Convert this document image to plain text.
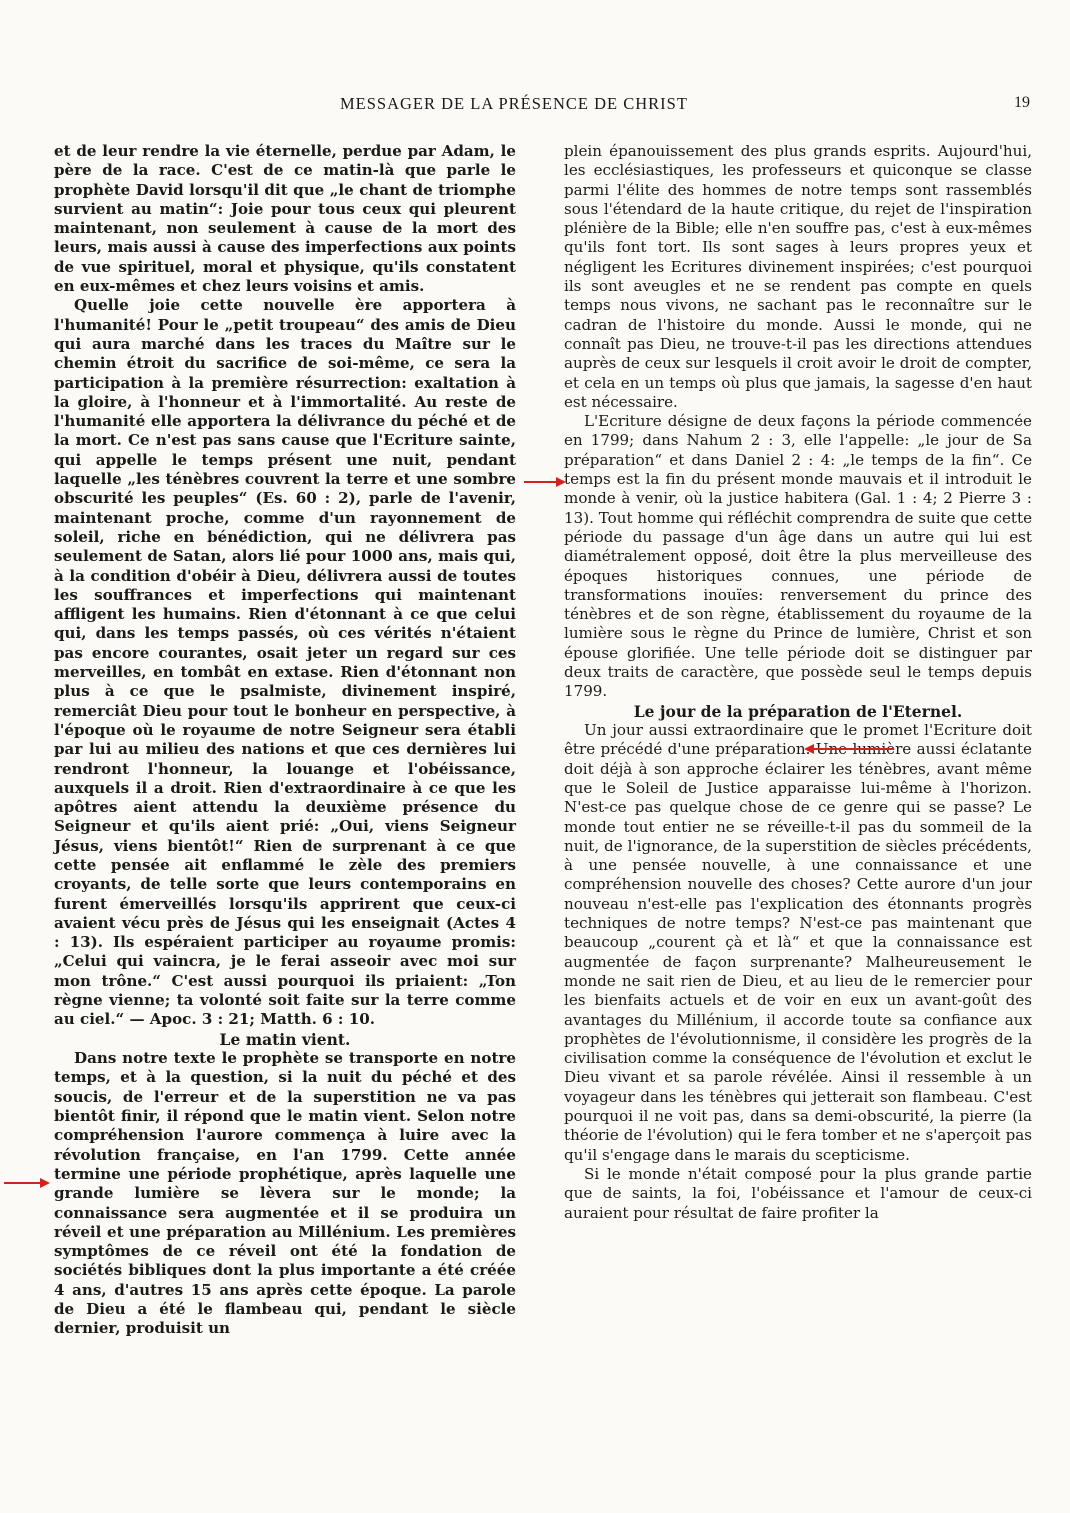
MESSAGER DE LA PRÉSENCE DE CHRIST	19

et de leur rendre la vie éternelle, perdue par Adam, le père de la race. C'est de ce matin-là que parle le prophète David lorsqu'il dit que „le chant de triomphe survient au matin“: Joie pour tous ceux qui pleurent maintenant, non seulement à cause de la mort des leurs, mais aussi à cause des imperfections aux points de vue spirituel, moral et physique, qu'ils constatent en eux-mêmes et chez leurs voisins et amis.

Quelle joie cette nouvelle ère apportera à l'humanité! Pour le „petit troupeau“ des amis de Dieu qui aura marché dans les traces du Maître sur le chemin étroit du sacrifice de soi-même, ce sera la participation à la première résurrection: exaltation à la gloire, à l'honneur et à l'immortalité. Au reste de l'humanité elle apportera la délivrance du péché et de la mort. Ce n'est pas sans cause que l'Ecriture sainte, qui appelle le temps présent une nuit, pendant laquelle „les ténèbres couvrent la terre et une sombre obscurité les peuples“ (Es. 60 : 2), parle de l'avenir, maintenant proche, comme d'un rayonnement de soleil, riche en bénédiction, qui ne délivrera pas seulement de Satan, alors lié pour 1000 ans, mais qui, à la condition d'obéir à Dieu, délivrera aussi de toutes les souffrances et imperfections qui maintenant affligent les humains. Rien d'étonnant à ce que celui qui, dans les temps passés, où ces vérités n'étaient pas encore courantes, osait jeter un regard sur ces merveilles, en tombât en extase. Rien d'étonnant non plus à ce que le psalmiste, divinement inspiré, remerciât Dieu pour tout le bonheur en perspective, à l'époque où le royaume de notre Seigneur sera établi par lui au milieu des nations et que ces dernières lui rendront l'honneur, la louange et l'obéissance, auxquels il a droit. Rien d'extraordinaire à ce que les apôtres aient attendu la deuxième présence du Seigneur et qu'ils aient prié: „Oui, viens Seigneur Jésus, viens bientôt!“ Rien de surprenant à ce que cette pensée ait enflammé le zèle des premiers croyants, de telle sorte que leurs contemporains en furent émerveillés lorsqu'ils apprirent que ceux-ci avaient vécu près de Jésus qui les enseignait (Actes 4 : 13). Ils espéraient participer au royaume promis: „Celui qui vaincra, je le ferai asseoir avec moi sur mon trône.“ C'est aussi pourquoi ils priaient: „Ton règne vienne; ta volonté soit faite sur la terre comme au ciel.“ — Apoc. 3 : 21; Matth. 6 : 10.

Le matin vient.

Dans notre texte le prophète se transporte en notre temps, et à la question, si la nuit du péché et des soucis, de l'erreur et de la superstition ne va pas bientôt finir, il répond que le matin vient. Selon notre compréhension l'aurore commença à luire avec la révolution française, en l'an 1799. Cette année termine une période prophétique, après laquelle une grande lumière se lèvera sur le monde; la connaissance sera augmentée et il se produira un réveil et une préparation au Millénium. Les premières symptômes de ce réveil ont été la fondation de sociétés bibliques dont la plus importante a été créée 4 ans, d'autres 15 ans après cette époque. La parole de Dieu a été le flambeau qui, pendant le siècle dernier, produisit un

plein épanouissement des plus grands esprits. Aujourd'hui, les ecclésiastiques, les professeurs et quiconque se classe parmi l'élite des hommes de notre temps sont rassemblés sous l'étendard de la haute critique, du rejet de l'inspiration plénière de la Bible; elle n'en souffre pas, c'est à eux-mêmes qu'ils font tort. Ils sont sages à leurs propres yeux et négligent les Ecritures divinement inspirées; c'est pourquoi ils sont aveugles et ne se rendent pas compte en quels temps nous vivons, ne sachant pas le reconnaître sur le cadran de l'histoire du monde. Aussi le monde, qui ne connaît pas Dieu, ne trouve-t-il pas les directions attendues auprès de ceux sur lesquels il croit avoir le droit de compter, et cela en un temps où plus que jamais, la sagesse d'en haut est nécessaire.

L'Ecriture désigne de deux façons la période commencée en 1799; dans Nahum 2 : 3, elle l'appelle: „le jour de Sa préparation“ et dans Daniel 2 : 4: „le temps de la fin“. Ce temps est la fin du présent monde mauvais et il introduit le monde à venir, où la justice habitera (Gal. 1 : 4; 2 Pierre 3 : 13). Tout homme qui réfléchit comprendra de suite que cette période du passage d'un âge dans un autre qui lui est diamétralement opposé, doit être la plus merveilleuse des époques historiques connues, une période de transformations inouïes: renversement du prince des ténèbres et de son règne, établissement du royaume de la lumière sous le règne du Prince de lumière, Christ et son épouse glorifiée. Une telle période doit se distinguer par deux traits de caractère, que possède seul le temps depuis 1799.

Le jour de la préparation de l'Eternel.

Un jour aussi extraordinaire que le promet l'Ecriture doit être précédé d'une préparation. Une lumière aussi éclatante doit déjà à son approche éclairer les ténèbres, avant même que le Soleil de Justice apparaisse lui-même à l'horizon. N'est-ce pas quelque chose de ce genre qui se passe? Le monde tout entier ne se réveille-t-il pas du sommeil de la nuit, de l'ignorance, de la superstition de siècles précédents, à une pensée nouvelle, à une connaissance et une compréhension nouvelle des choses? Cette aurore d'un jour nouveau n'est-elle pas l'explication des étonnants progrès techniques de notre temps? N'est-ce pas maintenant que beaucoup „courent çà et là“ et que la connaissance est augmentée de façon surprenante? Malheureusement le monde ne sait rien de Dieu, et au lieu de le remercier pour les bienfaits actuels et de voir en eux un avant-goût des avantages du Millénium, il accorde toute sa confiance aux prophètes de l'évolutionnisme, il considère les progrès de la civilisation comme la conséquence de l'évolution et exclut le Dieu vivant et sa parole révélée. Ainsi il ressemble à un voyageur dans les ténèbres qui jetterait son flambeau. C'est pourquoi il ne voit pas, dans sa demi-obscurité, la pierre (la théorie de l'évolution) qui le fera tomber et ne s'aperçoit pas qu'il s'engage dans le marais du scepticisme.

Si le monde n'était composé pour la plus grande partie que de saints, la foi, l'obéissance et l'amour de ceux-ci auraient pour résultat de faire profiter la
